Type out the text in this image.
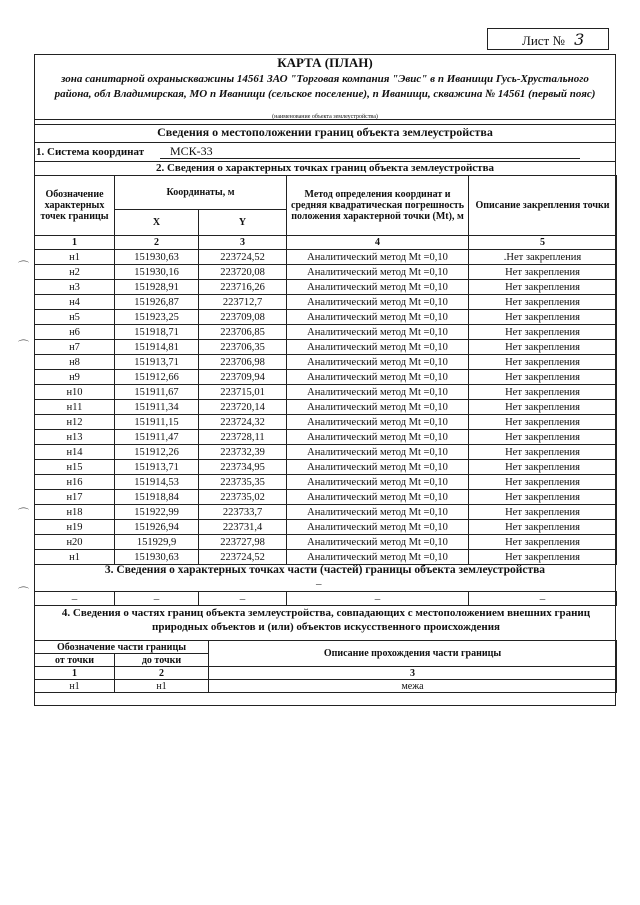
Лист № 3
КАРТА (ПЛАН)
зона санитарной охраныскважины 14561 ЗАО "Торговая компания "Эвис" в п Иванищи Гусь-Хрустального района, обл Владимирская, МО п Иванищи (сельское поселение), п Иванищи, скважина № 14561 (первый пояс)
(наименование объекта землеустройства)
Сведения о местоположении границ объекта землеустройства
1. Система координат МСК-33
2. Сведения о характерных точках границ объекта землеустройства
Обозначение характерных точек границы	Координаты, м		Метод определения координат и средняя квадратическая погрешность положения характерной точки (Мt), м	Описание закрепления точки
	X	Y		
1	2	3	4	5
н1	151930,63	223724,52	Аналитический метод Мt =0,10	.Нет закрепления
н2	151930,16	223720,08	Аналитический метод Мt =0,10	Нет закрепления
н3	151928,91	223716,26	Аналитический метод Мt =0,10	Нет закрепления
н4	151926,87	223712,7	Аналитический метод Мt =0,10	Нет закрепления
н5	151923,25	223709,08	Аналитический метод Мt =0,10	Нет закрепления
н6	151918,71	223706,85	Аналитический метод Мt =0,10	Нет закрепления
н7	151914,81	223706,35	Аналитический метод Мt =0,10	Нет закрепления
н8	151913,71	223706,98	Аналитический метод Мt =0,10	Нет закрепления
н9	151912,66	223709,94	Аналитический метод Мt =0,10	Нет закрепления
н10	151911,67	223715,01	Аналитический метод Мt =0,10	Нет закрепления
н11	151911,34	223720,14	Аналитический метод Мt =0,10	Нет закрепления
н12	151911,15	223724,32	Аналитический метод Мt =0,10	Нет закрепления
н13	151911,47	223728,11	Аналитический метод Мt =0,10	Нет закрепления
н14	151912,26	223732,39	Аналитический метод Мt =0,10	Нет закрепления
н15	151913,71	223734,95	Аналитический метод Мt =0,10	Нет закрепления
н16	151914,53	223735,35	Аналитический метод Мt =0,10	Нет закрепления
н17	151918,84	223735,02	Аналитический метод Мt =0,10	Нет закрепления
н18	151922,99	223733,7	Аналитический метод Мt =0,10	Нет закрепления
н19	151926,94	223731,4	Аналитический метод Мt =0,10	Нет закрепления
н20	151929,9	223727,98	Аналитический метод Мt =0,10	Нет закрепления
н1	151930,63	223724,52	Аналитический метод Мt =0,10	Нет закрепления
3. Сведения о характерных точках части (частей) границы объекта землеустройства
–
–	–	–	–	–
4. Сведения о частях границ объекта землеустройства, совпадающих с местоположением внешних границ природных объектов и (или) объектов искусственного происхождения
Обозначение части границы		Описание прохождения части границы
от точки	до точки	
1	2	3
н1	н1	межа
⌒
⌒
⌒
⌒
